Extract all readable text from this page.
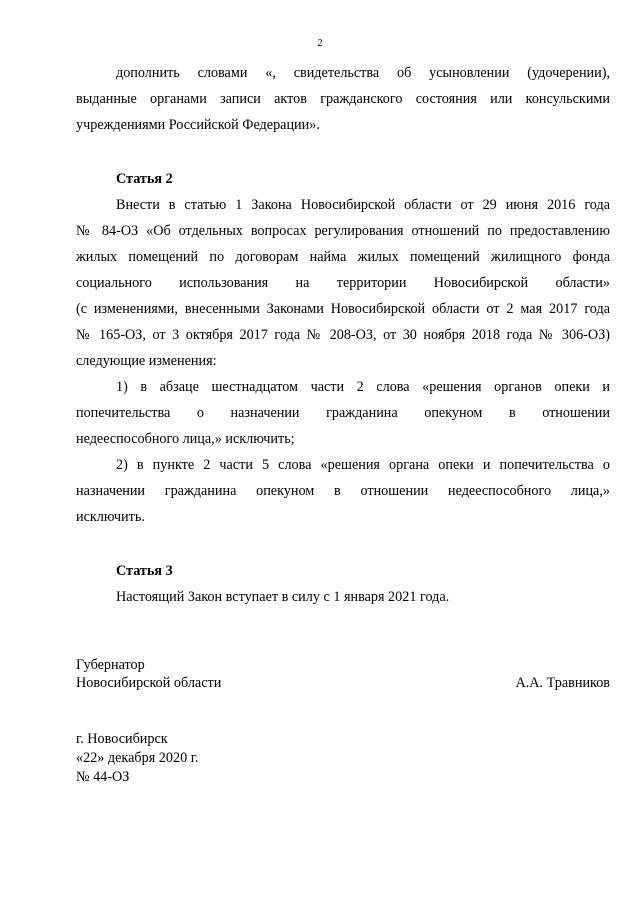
2
дополнить словами «, свидетельства об усыновлении (удочерении),
выданные органами записи актов гражданского состояния или консульскими
учреждениями Российской Федерации».
Статья 2
Внести в статью 1 Закона Новосибирской области от 29 июня 2016 года
№ 84-ОЗ «Об отдельных вопросах регулирования отношений по предоставлению
жилых помещений по договорам найма жилых помещений жилищного фонда
социального использования на территории Новосибирской области»
(с изменениями, внесенными Законами Новосибирской области от 2 мая 2017 года
№ 165-ОЗ, от 3 октября 2017 года № 208-ОЗ, от 30 ноября 2018 года № 306-ОЗ)
следующие изменения:
1) в абзаце шестнадцатом части 2 слова «решения органов опеки и
попечительства о назначении гражданина опекуном в отношении
недееспособного лица,» исключить;
2) в пункте 2 части 5 слова «решения органа опеки и попечительства о
назначении гражданина опекуном в отношении недееспособного лица,»
исключить.
Статья 3
Настоящий Закон вступает в силу с 1 января 2021 года.
Губернатор
Новосибирской области	А.А. Травников
г. Новосибирск
«22» декабря 2020 г.
№ 44-ОЗ
